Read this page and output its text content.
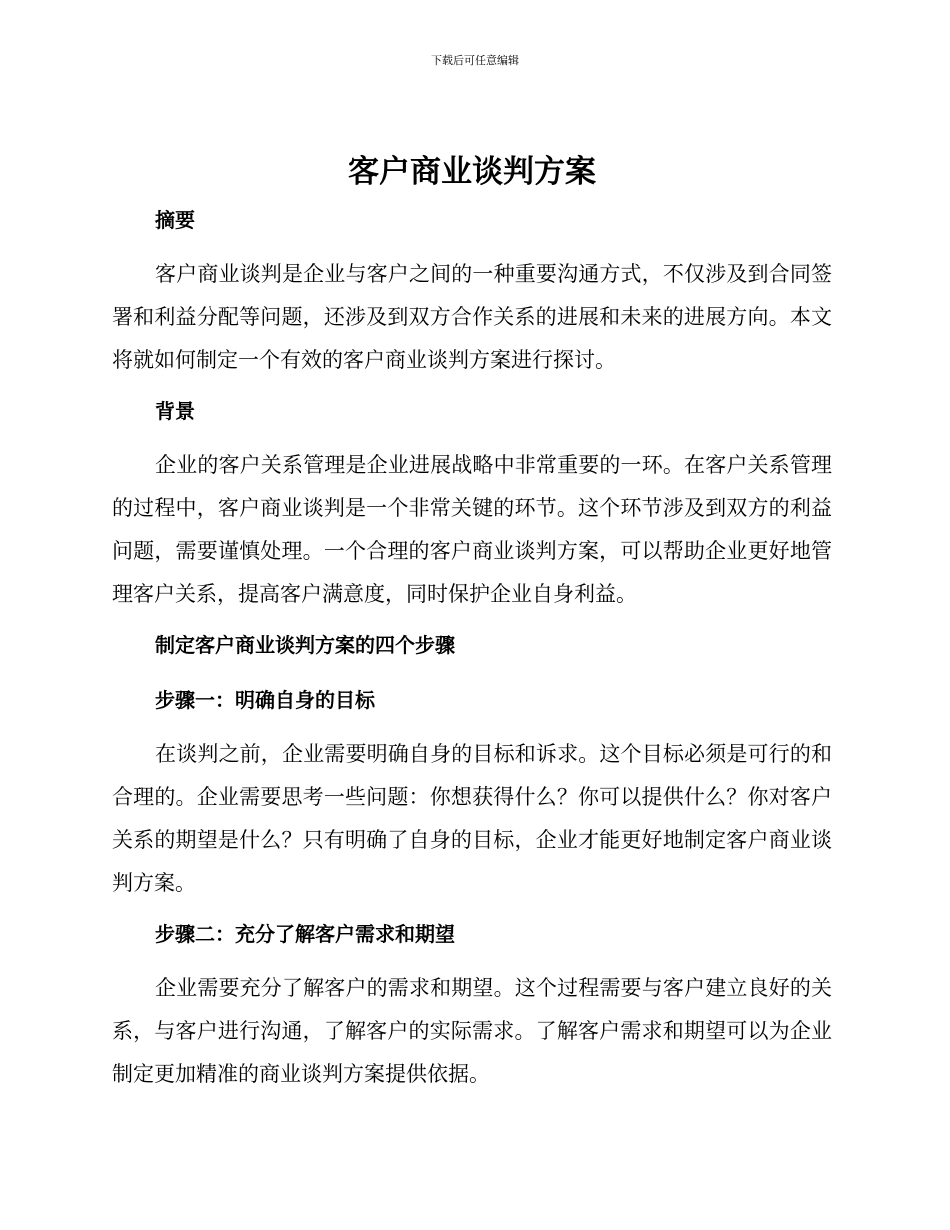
下载后可任意编辑
客户商业谈判方案
摘要

客户商业谈判是企业与客户之间的一种重要沟通方式，不仅涉及到合同签署和利益分配等问题，还涉及到双方合作关系的进展和未来的进展方向。本文将就如何制定一个有效的客户商业谈判方案进行探讨。

背景

企业的客户关系管理是企业进展战略中非常重要的一环。在客户关系管理的过程中，客户商业谈判是一个非常关键的环节。这个环节涉及到双方的利益问题，需要谨慎处理。一个合理的客户商业谈判方案，可以帮助企业更好地管理客户关系，提高客户满意度，同时保护企业自身利益。

制定客户商业谈判方案的四个步骤
步骤一：明确自身的目标

在谈判之前，企业需要明确自身的目标和诉求。这个目标必须是可行的和合理的。企业需要思考一些问题：你想获得什么？你可以提供什么？你对客户关系的期望是什么？只有明确了自身的目标，企业才能更好地制定客户商业谈判方案。

步骤二：充分了解客户需求和期望

企业需要充分了解客户的需求和期望。这个过程需要与客户建立良好的关系，与客户进行沟通，了解客户的实际需求。了解客户需求和期望可以为企业制定更加精准的商业谈判方案提供依据。
